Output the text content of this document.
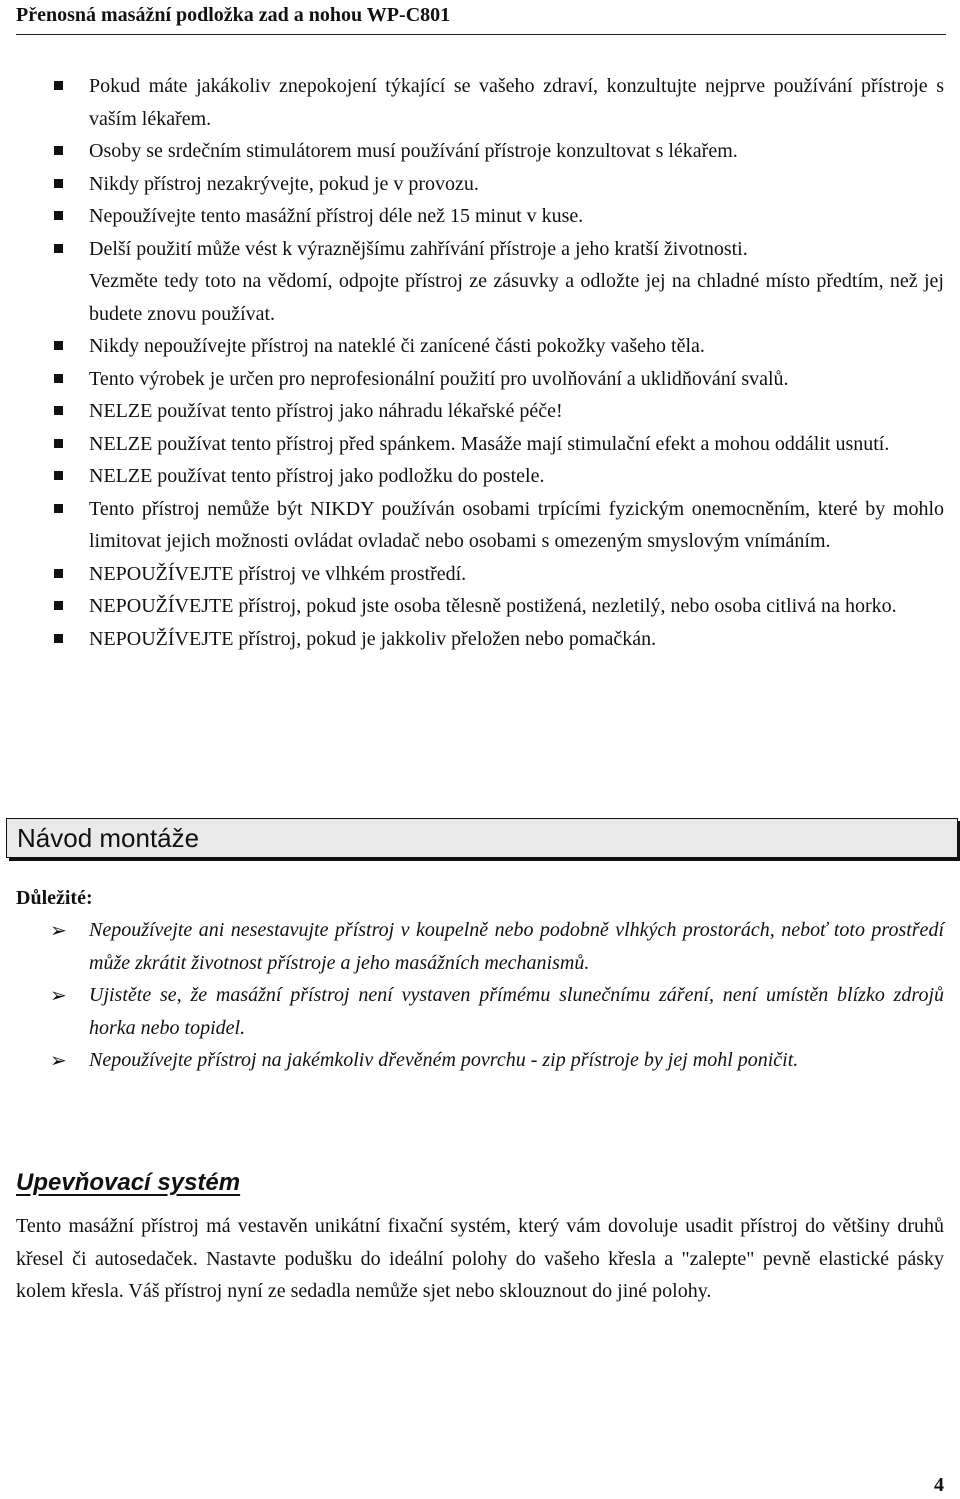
Přenosná masážní podložka zad a nohou WP-C801
Pokud máte jakákoliv znepokojení týkající se vašeho zdraví, konzultujte nejprve používání přístroje s vaším lékařem.
Osoby se srdečním stimulátorem musí používání přístroje konzultovat s lékařem.
Nikdy přístroj nezakrývejte, pokud je v provozu.
Nepoužívejte tento masážní přístroj déle než 15 minut v kuse.
Delší použití může vést k výraznějšímu zahřívání přístroje a jeho kratší životnosti.
Vezměte tedy toto na vědomí, odpojte přístroj ze zásuvky a odložte jej na chladné místo předtím, než jej budete znovu používat.
Nikdy nepoužívejte přístroj na nateklé či zanícené části pokožky vašeho těla.
Tento výrobek je určen pro neprofesionální použití pro uvolňování a uklidňování svalů.
NELZE používat tento přístroj jako náhradu lékařské péče!
NELZE používat tento přístroj před spánkem. Masáže mají stimulační efekt a mohou oddálit usnutí.
NELZE používat tento přístroj jako podložku do postele.
Tento přístroj nemůže být NIKDY používán osobami trpícími fyzickým onemocněním, které by mohlo limitovat jejich možnosti ovládat ovladač nebo osobami s omezeným smyslovým vnímáním.
NEPOUŽÍVEJTE přístroj ve vlhkém prostředí.
NEPOUŽÍVEJTE přístroj, pokud jste osoba tělesně postižená, nezletilý, nebo osoba citlivá na horko.
NEPOUŽÍVEJTE přístroj, pokud je jakkoliv přeložen nebo pomačkán.
Návod montáže
Důležité:
➢ Nepoužívejte ani nesestavujte přístroj v koupelně nebo podobně vlhkých prostorách, neboť toto prostředí může zkrátit životnost přístroje a jeho masážních mechanismů.
➢ Ujistěte se, že masážní přístroj není vystaven přímému slunečnímu záření, není umístěn blízko zdrojů horka nebo topidel.
➢ Nepoužívejte přístroj na jakémkoliv dřevěném povrchu - zip přístroje by jej mohl poničit.
Upevňovací systém
Tento masážní přístroj má vestavěn unikátní fixační systém, který vám dovoluje usadit přístroj do většiny druhů křesel či autosedaček. Nastavte podušku do ideální polohy do vašeho křesla a "zalepte" pevně elastické pásky kolem křesla. Váš přístroj nyní ze sedadla nemůže sjet nebo sklouznout do jiné polohy.
4
